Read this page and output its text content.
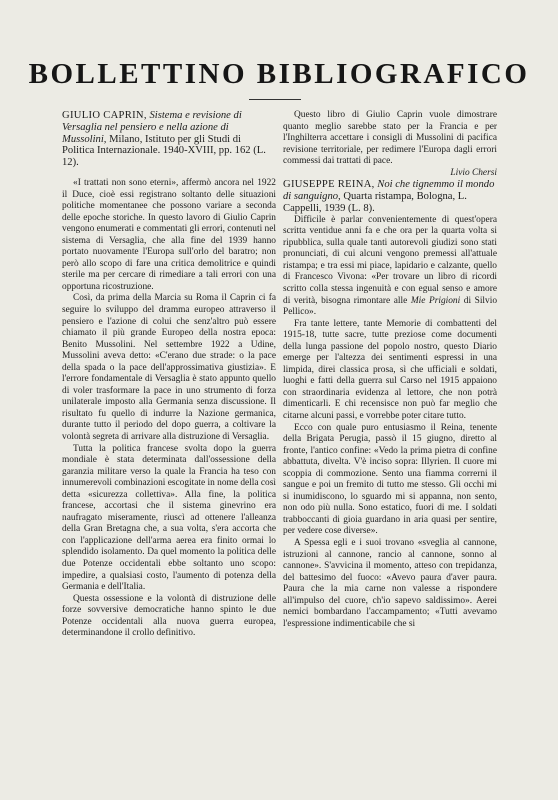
BOLLETTINO BIBLIOGRAFICO

GIULIO CAPRIN, Sistema e revisione di Versaglia nel pensiero e nella azione di Mussolini, Milano, Istituto per gli Studi di Politica Internazionale. 1940-XVIII, pp. 162 (L. 12).

«I trattati non sono eterni», affermò ancora nel 1922 il Duce, cioè essi registrano soltanto delle situazioni politiche momentanee che possono variare a seconda delle epoche storiche. In questo lavoro di Giulio Caprin vengono enumerati e commentati gli errori, contenuti nel sistema di Versaglia, che alla fine del 1939 hanno portato nuovamente l'Europa sull'orlo del baratro; non però allo scopo di fare una critica demolitrice e quindi sterile ma per cercare di rimediare a tali errori con una opportuna ricostruzione.

Così, da prima della Marcia su Roma il Caprin ci fa seguire lo sviluppo del dramma europeo attraverso il pensiero e l'azione di colui che senz'altro può essere chiamato il più grande Europeo della nostra epoca: Benito Mussolini. Nel settembre 1922 a Udine, Mussolini aveva detto: «C'erano due strade: o la pace della spada o la pace dell'approssimativa giustizia». E l'errore fondamentale di Versaglia è stato appunto quello di voler trasformare la pace in uno strumento di forza unilaterale imposto alla Germania senza discussione. Il risultato fu quello di indurre la Nazione germanica, durante tutto il periodo del dopo guerra, a coltivare la volontà segreta di arrivare alla distruzione di Versaglia.

Tutta la politica francese svolta dopo la guerra mondiale è stata determinata dall'ossessione della garanzia militare verso la quale la Francia ha teso con innumerevoli combinazioni escogitate in nome della così detta «sicurezza collettiva». Alla fine, la politica francese, accortasi che il sistema ginevrino era naufragato miseramente, riuscì ad ottenere l'alleanza della Gran Bretagna che, a sua volta, s'era accorta che con l'applicazione dell'arma aerea era finito ormai lo splendido isolamento. Da quel momento la politica delle due Potenze occidentali ebbe soltanto uno scopo: impedire, a qualsiasi costo, l'aumento di potenza della Germania e dell'Italia.

Questa ossessione e la volontà di distruzione delle forze sovversive democratiche hanno spinto le due Potenze occidentali alla nuova guerra europea, determinandone il crollo definitivo.

Questo libro di Giulio Caprin vuole dimostrare quanto meglio sarebbe stato per la Francia e per l'Inghilterra accettare i consigli di Mussolini di pacifica revisione territoriale, per redimere l'Europa dagli errori commessi dai trattati di pace.

Livio Chersi

GIUSEPPE REINA, Noi che tignemmo il mondo di sanguigno, Quarta ristampa, Bologna, L. Cappelli, 1939 (L. 8).

Difficile è parlar convenientemente di quest'opera scritta ventidue anni fa e che ora per la quarta volta si ripubblica, sulla quale tanti autorevoli giudizi sono stati pronunciati, di cui alcuni vengono premessi all'attuale ristampa; e tra essi mi piace, lapidario e calzante, quello di Francesco Vivona: «Per trovare un libro di ricordi scritto colla stessa ingenuità e con egual senso e amore di verità, bisogna rimontare alle Mie Prigioni di Silvio Pellico».

Fra tante lettere, tante Memorie di combattenti del 1915-18, tutte sacre, tutte preziose come documenti della lunga passione del popolo nostro, questo Diario emerge per l'altezza dei sentimenti espressi in una limpida, direi classica prosa, sì che ufficiali e soldati, luoghi e fatti della guerra sul Carso nel 1915 appaiono con straordinaria evidenza al lettore, che non potrà dimenticarli. E chi recensisce non può far meglio che citarne alcuni passi, e vorrebbe poter citare tutto.

Ecco con quale puro entusiasmo il Reina, tenente della Brigata Perugia, passò il 15 giugno, diretto al fronte, l'antico confine: «Vedo la prima pietra di confine abbattuta, divelta. V'è inciso sopra: Illyrien. Il cuore mi scoppia di commozione. Sento una fiamma correrni il sangue e poi un fremito di tutto me stesso. Gli occhi mi si inumidiscono, lo sguardo mi si appanna, non sento, non odo più nulla. Sono estatico, fuori di me. I soldati trabboccanti di gioia guardano in aria quasi per sentire, per vedere cose diverse».

A Spessa egli e i suoi trovano «sveglia al cannone, istruzioni al cannone, rancio al cannone, sonno al cannone». S'avvicina il momento, atteso con trepidanza, del battesimo del fuoco: «Avevo paura d'aver paura. Paura che la mia carne non valesse a rispondere all'impulso del cuore, ch'io sapevo saldissimo». Aerei nemici bombardano l'accampamento; «Tutti avevamo l'espressione indimenticabile che si
